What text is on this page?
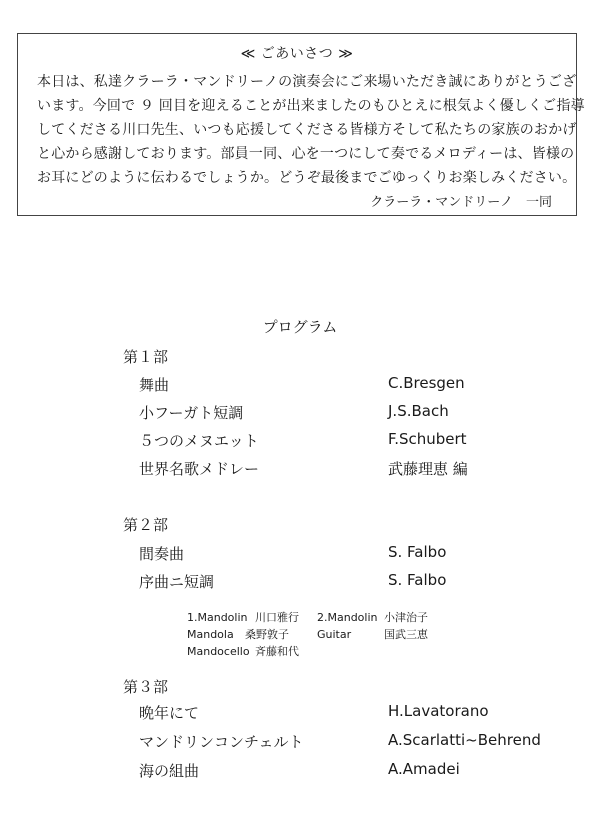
≪ ごあいさつ ≫
本日は、私達クラーラ・マンドリーノの演奏会にご来場いただき誠にありがとうござ
います。今回で ９ 回目を迎えることが出来ましたのもひとえに根気よく優しくご指導
してくださる川口先生、いつも応援してくださる皆様方そして私たちの家族のおかげ
と心から感謝しております。部員一同、心を一つにして奏でるメロディーは、皆様の
お耳にどのように伝わるでしょうか。どうぞ最後までごゆっくりお楽しみください。
クラーラ・マンドリーノ　一同
プログラム
第１部
舞曲	C.Bresgen
小フーガト短調	J.S.Bach
５つのメヌエット	F.Schubert
世界名歌メドレー	武藤理恵 編
第２部
間奏曲	S. Falbo
序曲ニ短調	S. Falbo
1.Mandolin 川口雅行 2.Mandolin 小津治子
Mandola 桑野敦子	Guitar	国武三恵
Mandocello 斉藤和代
第３部
晩年にて	H.Lavatorano
マンドリンコンチェルト	A.Scarlatti~Behrend
海の組曲	A.Amadei
